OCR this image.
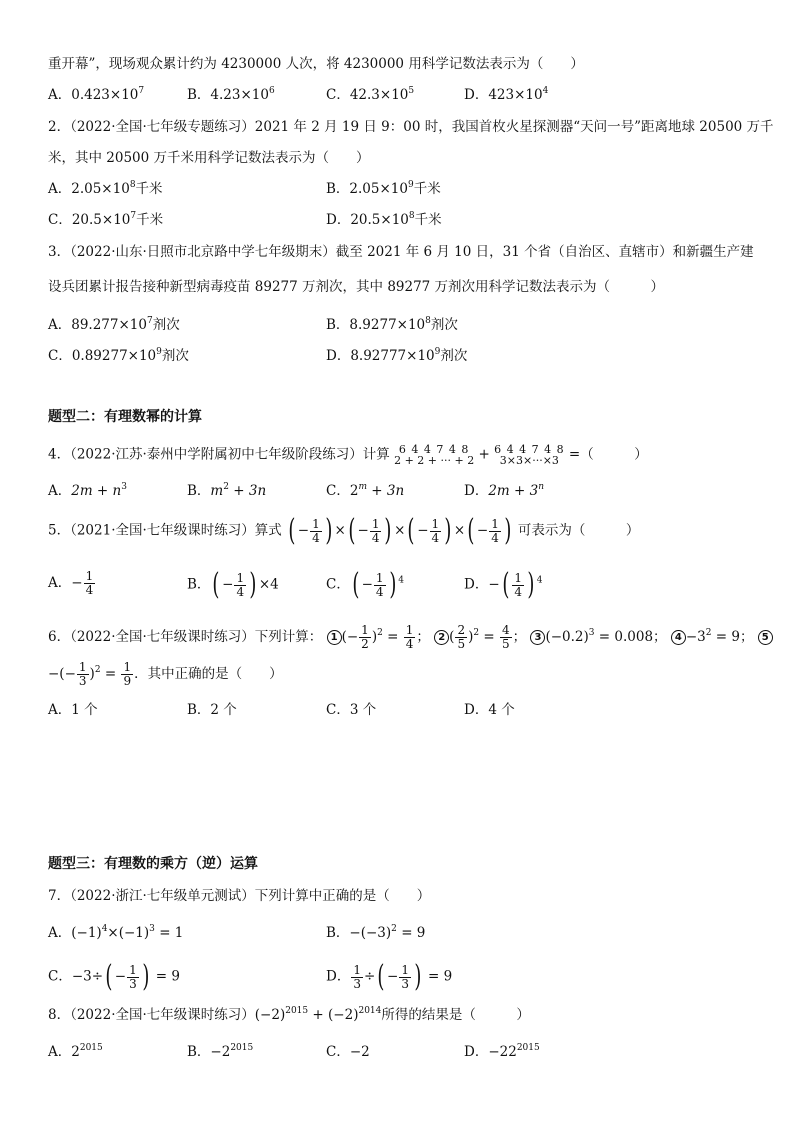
重开幕”，现场观众累计约为 4230000 人次，将 4230000 用科学记数法表示为（　　）
A．$0.423\times 10^7$	B．$4.23\times 10^6$	C．$42.3\times 10^5$	D．$423\times 10^4$
2．（2022·全国·七年级专题练习）2021 年 2 月 19 日 9：00 时，我国首枚火星探测器“天问一号”距离地球 20500 万千
米，其中 20500 万千米用科学记数法表示为（　　）
A．$2.05\times 10^8$千米	B．$2.05\times 10^9$千米
C．$20.5\times 10^7$千米	D．$20.5\times 10^8$千米
3．（2022·山东·日照市北京路中学七年级期末）截至 2021 年 6 月 10 日，31 个省（自治区、直辖市）和新疆生产建
设兵团累计报告接种新型病毒疫苗 89277 万剂次，其中 89277 万剂次用科学记数法表示为（　　　）
A．$89.277\times 10^7$剂次	B．$8.9277\times 10^8$剂次
C．$0.89277\times 10^9$剂次	D．$8.92777\times 10^9$剂次
题型二：有理数幂的计算
4．（2022·江苏·泰州中学附属初中七年级阶段练习）计算 6 4 4 7 4 8
2 + 2 + ··· + 2 + 6 4 4 7 4 8
3×3×···×3 =（　　　）
A．$2m + n^3$	B．$m^2 + 3n$	C．$2^m + 3n$	D．$2m + 3^n$
5．（2021·全国·七年级课时练习）算式 ( − $\frac{1}{4}$ ) ×( − $\frac{1}{4}$ ) ×( − $\frac{1}{4}$ ) ×( − $\frac{1}{4}$ ) 可表示为（　　　）
A．− $\frac{1}{4}$	B．( − $\frac{1}{4}$ ) ×4	C．( − $\frac{1}{4}$ ) $^4$	D．−( $\frac{1}{4}$ ) $^4$
6．（2022·全国·七年级课时练习）下列计算： 1 (− $\frac{1}{2} )^2 = \frac{1}{4}$ ； 2 ( $\frac{2}{5} )^2 = \frac{4}{5}$ ； 3 $(-0.2)^3 = 0.008$； $4 -3^2 = 9$； 5
−(− $\frac{1}{3} )^2 = \frac{1}{9}$ ．其中正确的是（　　）
A．1 个	B．2 个	C．3 个	D．4 个
题型三：有理数的乘方（逆）运算
7．（2022·浙江·七年级单元测试）下列计算中正确的是（　　）
A．$(-1)^4\times(-1)^3 = 1$	B．$-(-3)^2 = 9$
C．$-3\div( - \frac{1}{3}$ ) = 9	D． $\frac{1}{3}$ ÷( − $\frac{1}{3}$ ) = 9
8．（2022·全国·七年级课时练习）$(-2)^{2015} + (-2)^{2014}$所得的结果是（　　　）
A．$2^{2015}$	B．$-2^{2015}$	C．−2	D．$-22^{2015}$
